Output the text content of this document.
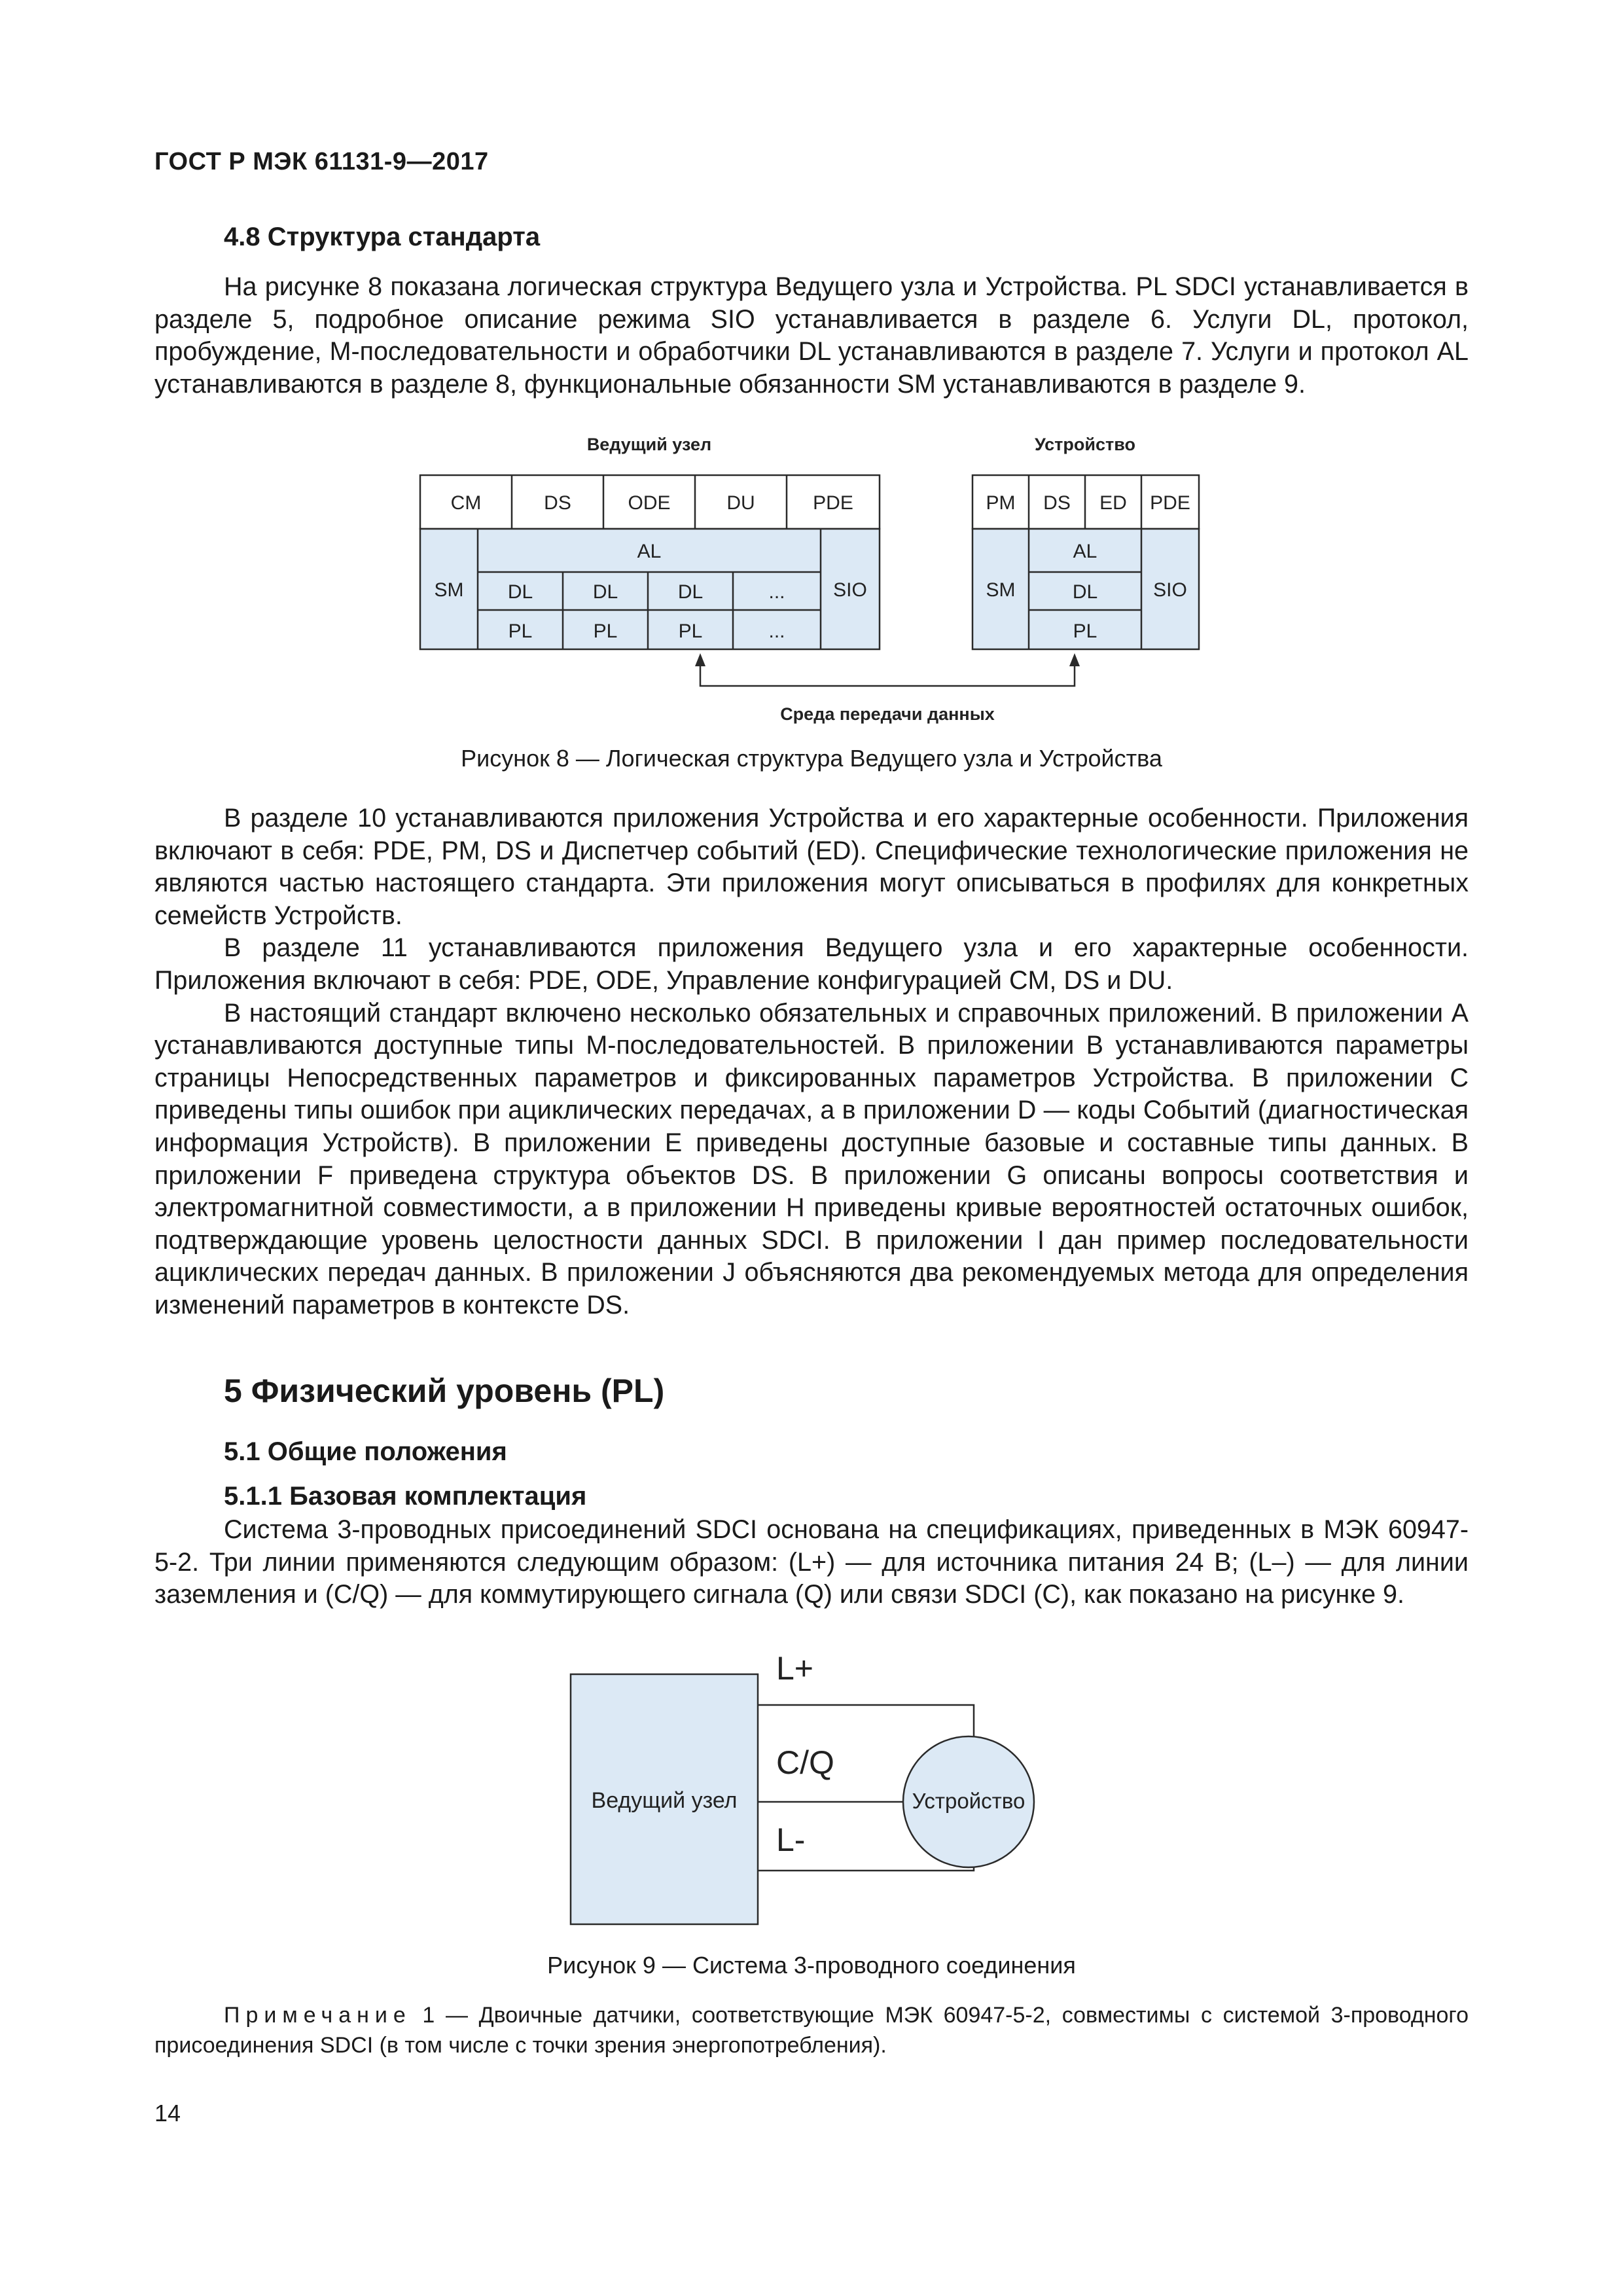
ГОСТ Р МЭК 61131-9—2017
4.8 Структура стандарта

На рисунке 8 показана логическая структура Ведущего узла и Устройства. PL SDCI устанавливается в разделе 5, подробное описание режима SIO устанавливается в разделе 6. Услуги DL, протокол, пробуждение, M-последовательности и обработчики DL устанавливаются в разделе 7. Услуги и протокол AL устанавливаются в разделе 8, функциональные обязанности SM устанавливаются в разделе 9.

Ведущий узел	Устройство
CM	DS	ODE	DU	PDE
SM
AL
DL	DL	DL	...
PL	PL	PL	...
SIO
PM DS ED PDE
SM
AL
DL
PL
SIO
Среда передачи данных
Рисунок 8 — Логическая структура Ведущего узла и Устройства

В разделе 10 устанавливаются приложения Устройства и его характерные особенности. Приложения включают в себя: PDE, PM, DS и Диспетчер событий (ED). Специфические технологические приложения не являются частью настоящего стандарта. Эти приложения могут описываться в профилях для конкретных семейств Устройств.

В разделе 11 устанавливаются приложения Ведущего узла и его характерные особенности. Приложения включают в себя: PDE, ODE, Управление конфигурацией CM, DS и DU.

В настоящий стандарт включено несколько обязательных и справочных приложений. В приложении А устанавливаются доступные типы M-последовательностей. В приложении В устанавливаются параметры страницы Непосредственных параметров и фиксированных параметров Устройства. В приложении С приведены типы ошибок при ациклических передачах, а в приложении D — коды Событий (диагностическая информация Устройств). В приложении Е приведены доступные базовые и составные типы данных. В приложении F приведена структура объектов DS. В приложении G описаны вопросы соответствия и электромагнитной совместимости, а в приложении Н приведены кривые вероятностей остаточных ошибок, подтверждающие уровень целостности данных SDCI. В приложении I дан пример последовательности ациклических передач данных. В приложении J объясняются два рекомендуемых метода для определения изменений параметров в контексте DS.

5 Физический уровень (PL)
5.1 Общие положения
5.1.1 Базовая комплектация

Система 3-проводных присоединений SDCI основана на спецификациях, приведенных в МЭК 60947-5-2. Три линии применяются следующим образом: (L+) — для источника питания 24 В; (L–) — для линии заземления и (С/Q) — для коммутирующего сигнала (Q) или связи SDCI (С), как показано на рисунке 9.

Ведущий узел	Устройство
L+
C/Q
L-
Рисунок 9 — Система 3-проводного соединения
Примечание 1 — Двоичные датчики, соответствующие МЭК 60947-5-2, совместимы с системой 3-проводного присоединения SDCI (в том числе с точки зрения энергопотребления).
14
